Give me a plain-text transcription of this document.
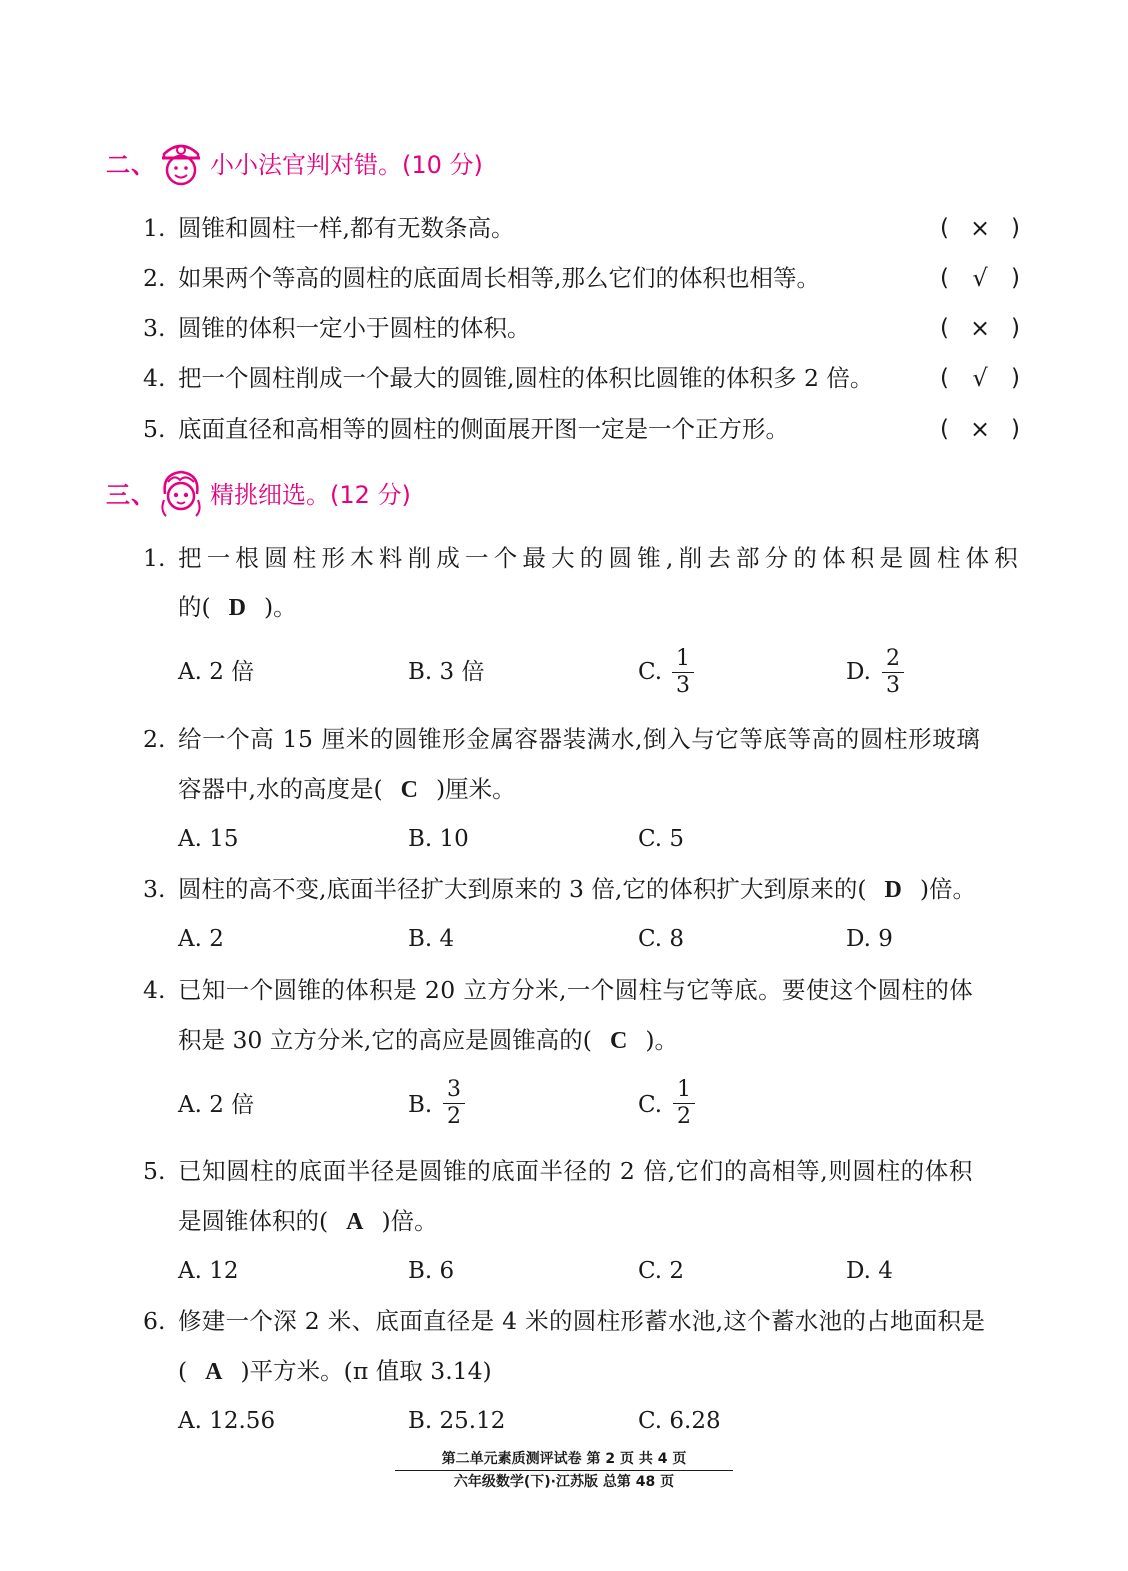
二、 小小法官判对错。(10 分)
1. 圆锥和圆柱一样,都有无数条高。	( × )
2. 如果两个等高的圆柱的底面周长相等,那么它们的体积也相等。	( √ )
3. 圆锥的体积一定小于圆柱的体积。	( × )
4. 把一个圆柱削成一个最大的圆锥,圆柱的体积比圆锥的体积多 2 倍。	( √ )
5. 底面直径和高相等的圆柱的侧面展开图一定是一个正方形。	( × )
三、 精挑细选。(12 分)
1. 把一根圆柱形木料削成一个最大的圆锥,削去部分的体积是圆柱体积
的( D )。
A. 2 倍	B. 3 倍	C.
1
3
D.
2
3
2. 给一个高 15 厘米的圆锥形金属容器装满水,倒入与它等底等高的圆柱形玻璃
容器中,水的高度是( C )厘米。
A. 15	B. 10	C. 5
3. 圆柱的高不变,底面半径扩大到原来的 3 倍,它的体积扩大到原来的( D )倍。
A. 2	B. 4	C. 8	D. 9
4. 已知一个圆锥的体积是 20 立方分米,一个圆柱与它等底。要使这个圆柱的体
积是 30 立方分米,它的高应是圆锥高的( C )。
A. 2 倍	B.
3
2	C.
1
2
5. 已知圆柱的底面半径是圆锥的底面半径的 2 倍,它们的高相等,则圆柱的体积
是圆锥体积的( A )倍。
A. 12	B. 6	C. 2	D. 4
6. 修建一个深 2 米、底面直径是 4 米的圆柱形蓄水池,这个蓄水池的占地面积是
( A )平方米。(π 值取 3.14)
A. 12.56	B. 25.12	C. 6.28
第二单元素质测评试卷 第 2 页 共 4 页
六年级数学(下)·江苏版 总第 48 页
